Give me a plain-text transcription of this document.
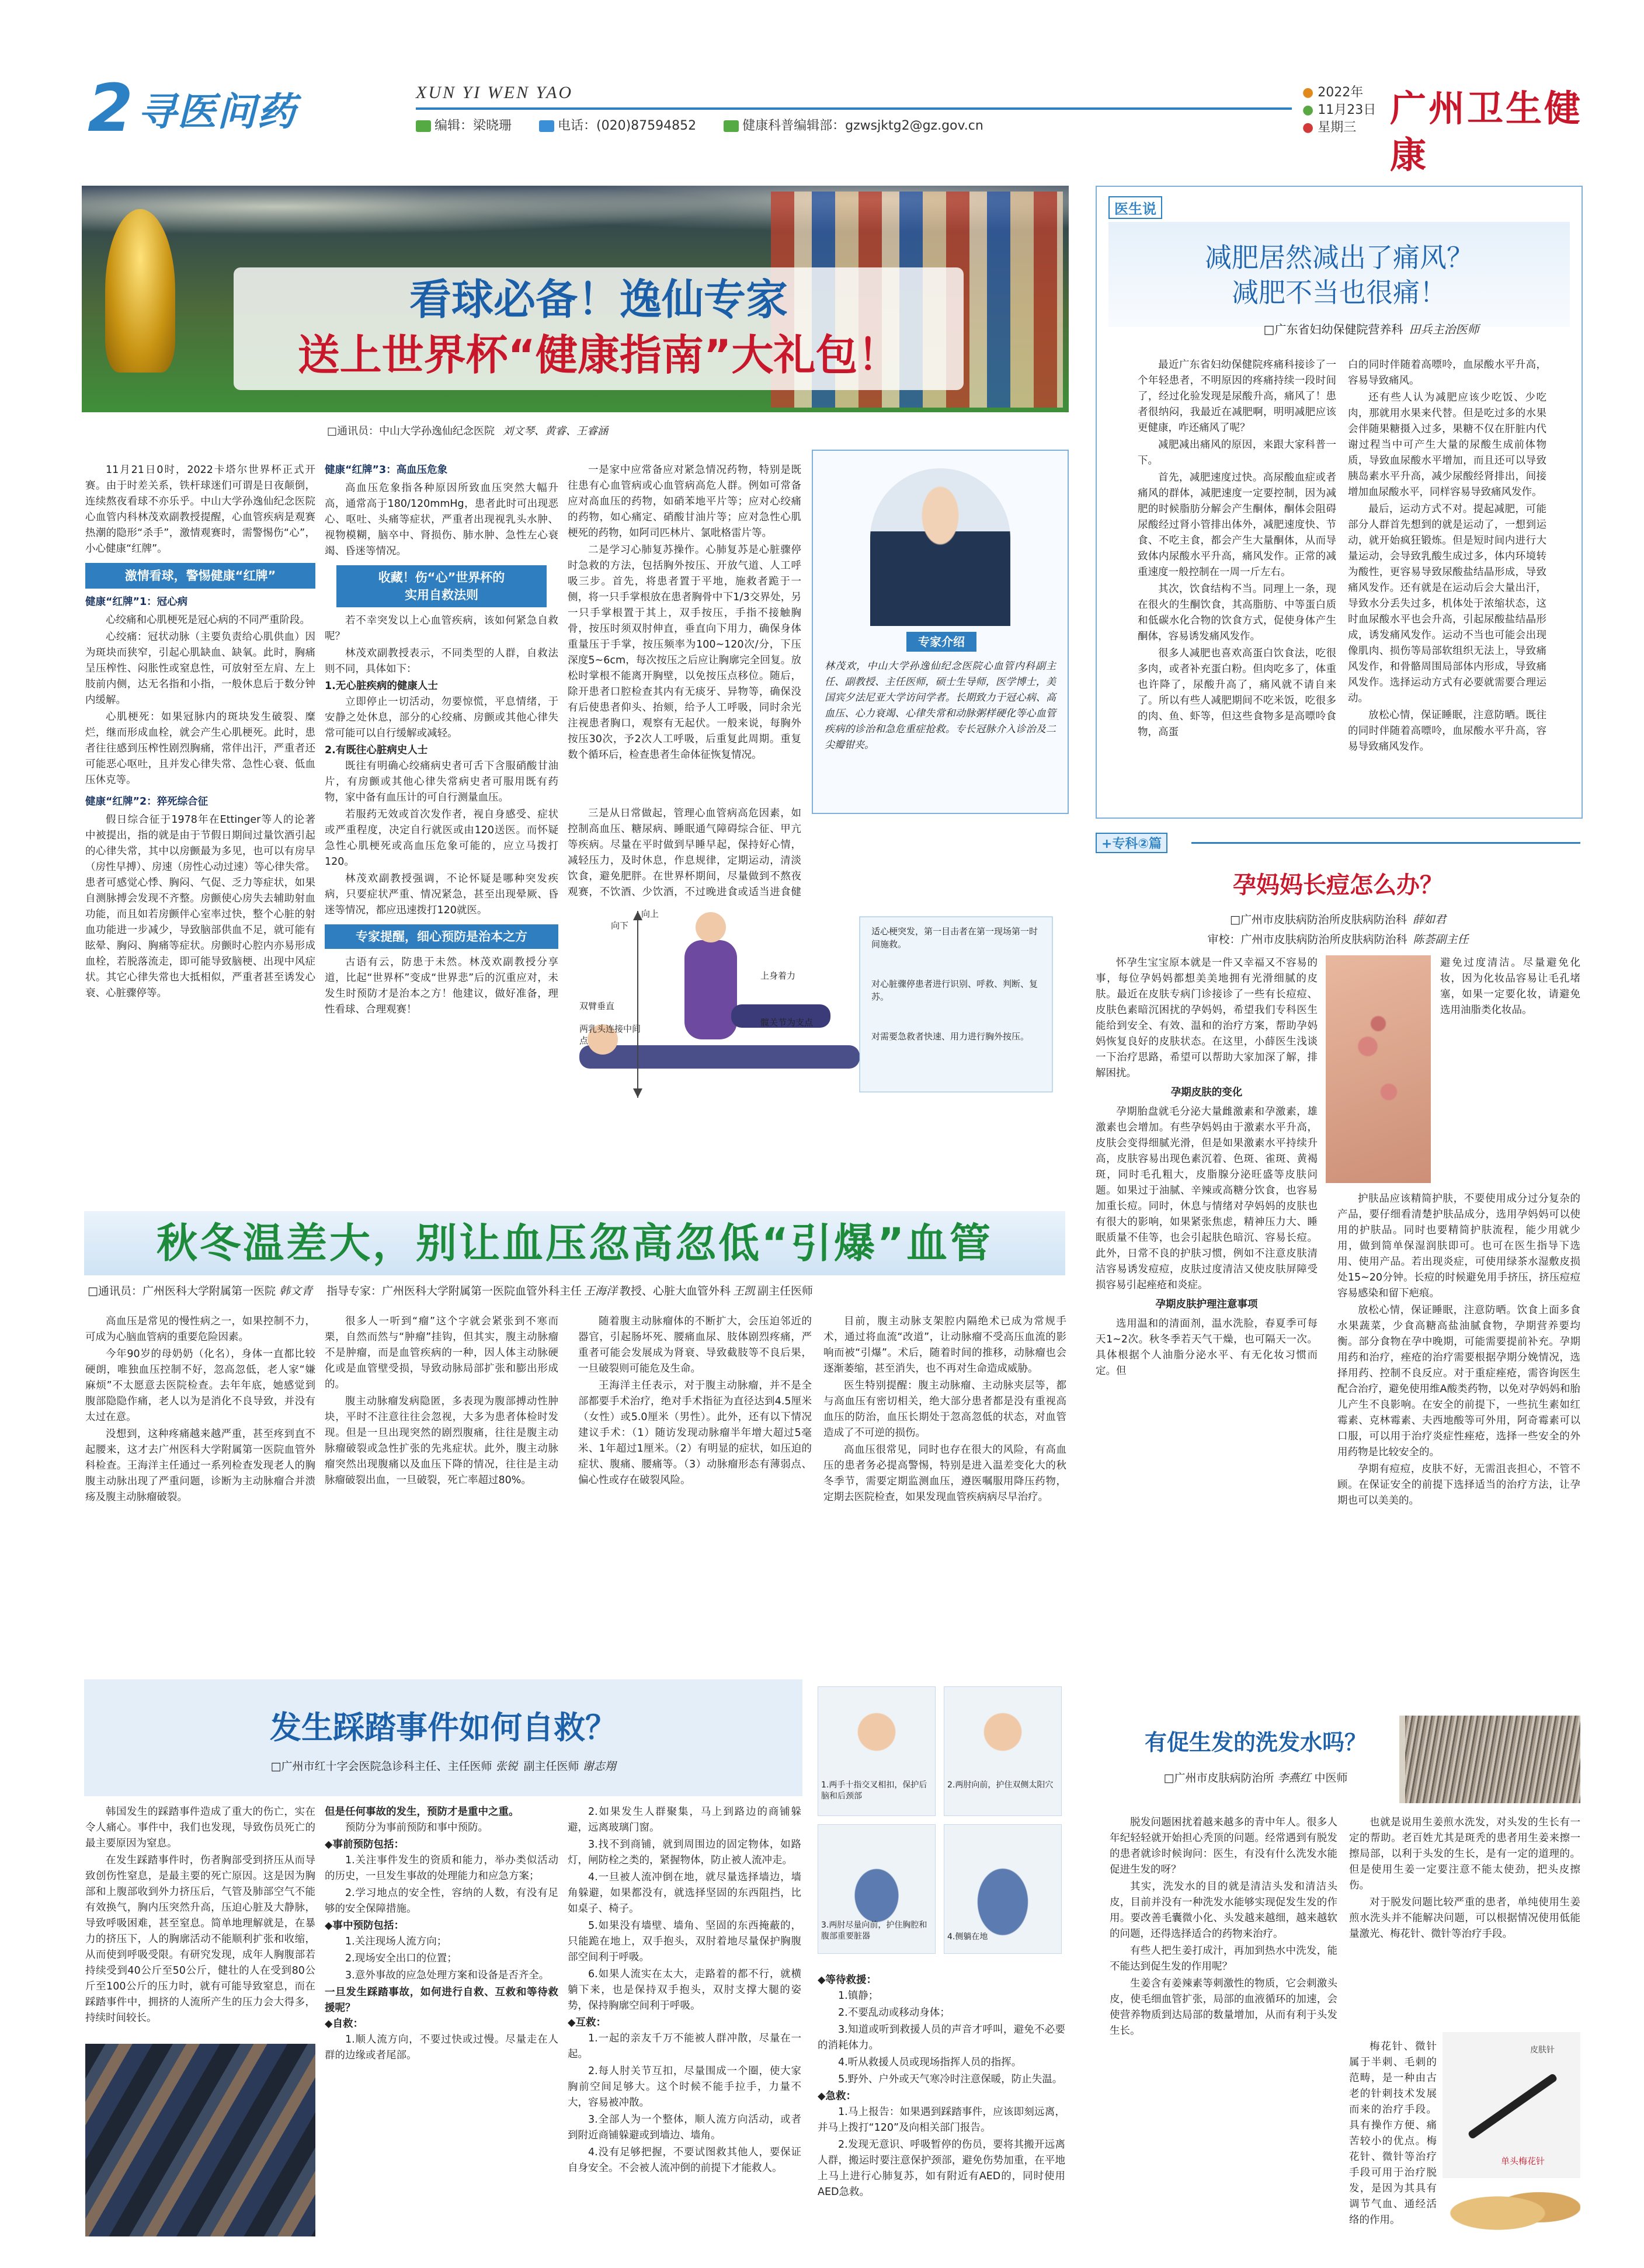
2 寻医问药	XUN YI WEN YAO
编辑：梁晓珊	电话：(020)87594852	健康科普编辑部：gzwsjktg2@gz.gov.cn
● 2022年
● 11月23日
● 星期三 广州卫生健康
看球必备！逸仙专家
送上世界杯“健康指南”大礼包！
□通讯员：中山大学孙逸仙纪念医院 刘文琴、黄睿、王睿涵

11月21日0时，2022卡塔尔世界杯正式开赛。由于时差关系，铁杆球迷们可谓是日夜颠倒，连续熬夜看球不亦乐乎。中山大学孙逸仙纪念医院心血管内科林茂欢副教授提醒，心血管疾病是观赛热潮的隐形“杀手”，激情观赛时，需警惕伤“心”，小心健康“红牌”。

激情看球，警惕健康“红牌”
健康“红牌”1：冠心病

心绞痛和心肌梗死是冠心病的不同严重阶段。

心绞痛：冠状动脉（主要负责给心肌供血）因为斑块而狭窄，引起心肌缺血、缺氧。此时，胸痛呈压榨性、闷胀性或窒息性，可放射至左肩、左上肢前内侧，达无名指和小指，一般休息后于数分钟内缓解。

心肌梗死：如果冠脉内的斑块发生破裂、糜烂，继而形成血栓，就会产生心肌梗死。此时，患者往往感到压榨性剧烈胸痛，常伴出汗，严重者还可能恶心呕吐，且并发心律失常、急性心衰、低血压休克等。

健康“红牌”2：猝死综合征

假日综合征于1978年在Ettinger等人的论著中被提出，指的就是由于节假日期间过量饮酒引起的心律失常，其中以房颤最为多见，也可以有房早（房性早搏）、房速（房性心动过速）等心律失常。患者可感觉心悸、胸闷、气促、乏力等症状，如果自测脉搏会发现不齐整。房颤使心房失去辅助射血功能，而且如若房颤伴心室率过快，整个心脏的射血功能进一步减少，导致脑部供血不足，就可能有眩晕、胸闷、胸痛等症状。房颤时心腔内亦易形成血栓，若脱落流走，即可能导致脑梗、出现中风症状。其它心律失常也大抵相似，严重者甚至诱发心衰、心脏骤停等。

健康“红牌”3：高血压危象

高血压危象指各种原因所致血压突然大幅升高，通常高于180/120mmHg，患者此时可出现恶心、呕吐、头痛等症状，严重者出现视乳头水肿、视物模糊，脑卒中、肾损伤、肺水肿、急性左心衰竭、昏迷等情况。

收藏！伤“心”世界杯的
实用自救法则

若不幸突发以上心血管疾病，该如何紧急自救呢？

林茂欢副教授表示，不同类型的人群，自救法则不同，具体如下：

1.无心脏疾病的健康人士

立即停止一切活动，勿要惊慌，平息情绪，于安静之处休息，部分的心绞痛、房颤或其他心律失常可能可以自行缓解或减轻。

2.有既往心脏病史人士

既往有明确心绞痛病史者可舌下含服硝酸甘油片，有房颤或其他心律失常病史者可服用既有药物，家中备有血压计的可自行测量血压。

若服药无效或首次发作者，视自身感受、症状或严重程度，决定自行就医或由120送医。而怀疑急性心肌梗死或高血压危象可能的，应立马拨打120。

林茂欢副教授强调，不论怀疑是哪种突发疾病，只要症状严重、情况紧急，甚至出现晕厥、昏迷等情况，都应迅速拨打120就医。

专家提醒，细心预防是治本之方

古语有云，防患于未然。林茂欢副教授分享道，比起“世界杯”变成“世界悲”后的沉重应对，未发生时预防才是治本之方！他建议，做好准备，理性看球、合理观赛！

一是家中应常备应对紧急情况药物，特别是既往患有心血管病或心血管病高危人群。例如可常备应对高血压的药物，如硝苯地平片等；应对心绞痛的药物，如心痛定、硝酸甘油片等；应对急性心肌梗死的药物，如阿司匹林片、氯吡格雷片等。

二是学习心肺复苏操作。心肺复苏是心脏骤停时急救的方法，包括胸外按压、开放气道、人工呼吸三步。首先，将患者置于平地，施救者跪于一侧，将一只手掌根放在患者胸骨中下1/3交界处，另一只手掌根置于其上，双手按压，手指不接触胸骨，按压时须双肘伸直，垂直向下用力，确保身体重量压于手掌，按压频率为100~120次/分，下压深度5~6cm，每次按压之后应让胸廓完全回复。放松时掌根不能离开胸壁，以免按压点移位。随后，除开患者口腔检查其内有无痰牙、异物等，确保没有后使患者仰头、抬颏，给予人工呼吸，同时余光注视患者胸口，观察有无起伏。一般来说，每胸外按压30次，予2次人工呼吸，后重复此周期。重复数个循环后，检查患者生命体征恢复情况。

三是从日常做起，管理心血管病高危因素，如控制高血压、糖尿病、睡眠通气障碍综合征、甲亢等疾病。尽量在平时做到早睡早起，保持好心情，减轻压力，及时休息，作息规律，定期运动，清淡饮食，避免肥胖。在世界杯期间，尽量做到不熬夜观赛，不饮酒、少饮酒，不过晚进食或适当进食健

专家介绍
林茂欢，中山大学孙逸仙纪念医院心血管内科副主任、副教授、主任医师，硕士生导师，医学博士，美国宾夕法尼亚大学访问学者。长期致力于冠心病、高血压、心力衰竭、心律失常和动脉粥样硬化等心血管疾病的诊治和急危重症抢救。专长冠脉介入诊治及二尖瓣钳夹。
向上
向下
上身着力
双臂垂直
两乳头连接中间点
髋关节为支点
适心梗突发，第一目击者在第一现场第一时间施救。
对心脏骤停患者进行识别、呼救、判断、复苏。
对需要急救者快速、用力进行胸外按压。
医生说
减肥居然减出了痛风？
减肥不当也很痛！
□广东省妇幼保健院营养科 田兵主治医师

最近广东省妇幼保健院疼痛科接诊了一个年轻患者，不明原因的疼痛持续一段时间了，经过化验发现是尿酸升高，痛风了！患者很纳闷，我最近在减肥啊，明明减肥应该更健康，咋还痛风了呢？

减肥减出痛风的原因，来跟大家科普一下。

首先，减肥速度过快。高尿酸血症或者痛风的群体，减肥速度一定要控制，因为减肥的时候脂肪分解会产生酮体，酮体会阻碍尿酸经过肾小管排出体外，减肥速度快、节食、不吃主食，都会产生大量酮体，从而导致体内尿酸水平升高，痛风发作。正常的减重速度一般控制在一周一斤左右。

其次，饮食结构不当。同理上一条，现在很火的生酮饮食，其高脂肪、中等蛋白质和低碳水化合物的饮食方式，促使身体产生酮体，容易诱发痛风发作。

很多人减肥也喜欢高蛋白饮食法，吃很多肉，或者补充蛋白粉。但肉吃多了，体重也许降了，尿酸升高了，痛风就不请自来了。所以有些人减肥期间不吃米饭，吃很多的肉、鱼、虾等，但这些食物多是高嘌呤食物，高蛋

白的同时伴随着高嘌呤，血尿酸水平升高，容易导致痛风。

还有些人认为减肥应该少吃饭、少吃肉，那就用水果来代替。但是吃过多的水果会伴随果糖摄入过多，果糖不仅在肝脏内代谢过程当中可产生大量的尿酸生成前体物质，导致血尿酸水平增加，而且还可以导致胰岛素水平升高，减少尿酸经肾排出，间接增加血尿酸水平，同样容易导致痛风发作。

最后，运动方式不对。提起减肥，可能部分人群首先想到的就是运动了，一想到运动，就开始疯狂锻炼。但是短时间内进行大量运动，会导致乳酸生成过多，体内环境转为酸性，更容易导致尿酸盐结晶形成，导致痛风发作。还有就是在运动后会大量出汗，导致水分丢失过多，机体处于浓缩状态，这时血尿酸水平也会升高，引起尿酸盐结晶形成，诱发痛风发作。运动不当也可能会出现像肌肉、损伤等局部软组织无法上，导致痛风发作，和骨骼周围局部体内形成，导致痛风发作。选择运动方式有必要就需要合理运动。

放松心情，保证睡眠，注意防晒。既往的同时伴随着高嘌呤，血尿酸水平升高，容易导致痛风发作。

+专科②篇
孕妈妈长痘怎么办？
□广州市皮肤病防治所皮肤病防治科 薛如君
审校：广州市皮肤病防治所皮肤病防治科 陈荟副主任

怀孕生宝宝原本就是一件又幸福又不容易的事，每位孕妈妈都想美美地拥有光滑细腻的皮肤。最近在皮肤专病门诊接诊了一些有长痘痘、皮肤色素暗沉困扰的孕妈妈，希望我们专科医生能给到安全、有效、温和的治疗方案，帮助孕妈妈恢复良好的皮肤状态。在这里，小薛医生浅谈一下治疗思路，希望可以帮助大家加深了解，排解困扰。

孕期皮肤的变化

孕期胎盘就毛分泌大量雌激素和孕激素，雄激素也会增加。有些孕妈妈由于激素水平升高，皮肤会变得细腻光滑，但是如果激素水平持续升高，皮肤容易出现色素沉着、色斑、雀斑、黄褐斑，同时毛孔粗大，皮脂腺分泌旺盛等皮肤问题。如果过于油腻、辛辣或高糖分饮食，也容易加重长痘。同时，休息与情绪对孕妈妈的皮肤也有很大的影响，如果紧张焦虑，精神压力大、睡眠质量不佳等，也会引起肤色暗沉、容易长痘。此外，日常不良的护肤习惯，例如不注意皮肤清洁容易诱发痘痘，皮肤过度清洁又使皮肤屏障受损容易引起痤疮和炎症。

孕期皮肤护理注意事项

选用温和的清面剂，温水洗脸，春夏季可每天1~2次。秋冬季若天气干燥，也可隔天一次。具体根据个人油脂分泌水平、有无化妆习惯而定。但

避免过度清洁。尽量避免化妆，因为化妆品容易让毛孔堵塞，如果一定要化妆，请避免选用油脂类化妆品。

护肤品应该精简护肤，不要使用成分过分复杂的产品，要仔细看清楚护肤品成分，选用孕妈妈可以使用的护肤品。同时也要精简护肤流程，能少用就少用，做到简单保湿润肤即可。也可在医生指导下选用、使用产品。若出现炎症，可使用绿茶水湿敷皮损处15~20分钟。长痘的时候避免用手挤压，挤压痘痘容易感染和留下疤痕。

放松心情，保证睡眠，注意防晒。饮食上面多食水果蔬菜，少食高糖高盐油腻食物，孕期营养要均衡。部分食物在孕中晚期，可能需要提前补充。孕期用药和治疗，痤疮的治疗需要根据孕期分娩情况，选择用药、控制不良反应。对于重症痤疮，需咨询医生配合治疗，避免使用维A酸类药物，以免对孕妈妈和胎儿产生不良影响。在安全的前提下，一些抗生素如红霉素、克林霉素、夫西地酸等可外用，阿奇霉素可以口服，可以用于治疗炎症性痤疮，选择一些安全的外用药物是比较安全的。

孕期有痘痘，皮肤不好，无需沮丧担心，不管不顾。在保证安全的前提下选择适当的治疗方法，让孕期也可以美美的。

秋冬温差大，别让血压忽高忽低“引爆”血管
□通讯员：广州医科大学附属第一医院 韩文青 指导专家：广州医科大学附属第一医院血管外科主任 王海洋 教授、心脏大血管外科 王凯 副主任医师

高血压是常见的慢性病之一，如果控制不力，可成为心脑血管病的重要危险因素。

今年90岁的母奶奶（化名），身体一直都比较硬朗，唯独血压控制不好，忽高忽低，老人家“嫌麻烦”不太愿意去医院检查。去年年底，她感觉到腹部隐隐作痛，老人以为是消化不良导致，并没有太过在意。

没想到，这种疼痛越来越严重，甚至疼到直不起腰来，这才去广州医科大学附属第一医院血管外科检查。王海洋主任通过一系列检查发现老人的胸腹主动脉出现了严重问题，诊断为主动脉瘤合并溃疡及腹主动脉瘤破裂。

很多人一听到“瘤”这个字就会紧张到不寒而栗，自然而然与“肿瘤”挂钩，但其实，腹主动脉瘤不是肿瘤，而是血管疾病的一种，因人体主动脉硬化或是血管壁受损，导致动脉局部扩张和膨出形成的。

腹主动脉瘤发病隐匿，多表现为腹部搏动性肿块，平时不注意往往会忽视，大多为患者体检时发现。但是一旦出现突然的剧烈腹痛，往往是腹主动脉瘤破裂或急性扩张的先兆症状。此外，腹主动脉瘤突然出现腹痛以及血压下降的情况，往往是主动脉瘤破裂出血，一旦破裂，死亡率超过80%。

随着腹主动脉瘤体的不断扩大，会压迫邻近的器官，引起肠坏死、腰痛血尿、肢体剧烈疼痛，严重者可能会发展成为肾衰、导致截肢等不良后果，一旦破裂则可能危及生命。

王海洋主任表示，对于腹主动脉瘤，并不是全部都要手术治疗，绝对手术指征为直径达到4.5厘米（女性）或5.0厘米（男性）。此外，还有以下情况建议手术：（1）随访发现动脉瘤半年增大超过5毫米、1年超过1厘米。（2）有明显的症状，如压迫的症状、腹痛、腰痛等。（3）动脉瘤形态有薄弱点、偏心性或存在破裂风险。

目前，腹主动脉支架腔内隔绝术已成为常规手术，通过将血流“改道”，让动脉瘤不受高压血流的影响而被“引爆”。术后，随着时间的推移，动脉瘤也会逐渐萎缩，甚至消失，也不再对生命造成威胁。

医生特别提醒：腹主动脉瘤、主动脉夹层等，都与高血压有密切相关，绝大部分患者都是没有重视高血压的防治，血压长期处于忽高忽低的状态，对血管造成了不可逆的损伤。

高血压很常见，同时也存在很大的风险，有高血压的患者务必提高警惕，特别是进入温差变化大的秋冬季节，需要定期监测血压，遵医嘱服用降压药物，定期去医院检查，如果发现血管疾病病尽早治疗。

发生踩踏事件如何自救？
□广州市红十字会医院急诊科主任、主任医师 张锐 副主任医师 谢志翔

韩国发生的踩踏事件造成了重大的伤亡，实在令人痛心。事件中，我们也发现，导致伤员死亡的最主要原因为窒息。

在发生踩踏事件时，伤者胸部受到挤压从而导致创伤性窒息，是最主要的死亡原因。这是因为胸部和上腹部收到外力挤压后，气管及肺部空气不能有效换气，胸内压突然升高，压迫心脏及大静脉，导致呼吸困难，甚至窒息。简单地理解就是，在暴力的挤压下，人的胸廓活动不能顺利扩张和收缩，从而使到呼吸受限。有研究发现，成年人胸腹部若持续受到40公斤至50公斤，健壮的人在受到80公斤至100公斤的压力时，就有可能导致窒息，而在踩踏事件中，拥挤的人流所产生的压力会大得多，持续时间较长。

但是任何事故的发生，预防才是重中之重。

预防分为事前预防和事中预防。

◆事前预防包括：

1.关注事件发生的资质和能力，举办类似活动的历史，一旦发生事故的处理能力和应急方案；

2.学习地点的安全性，容纳的人数，有没有足够的安全保障措施。

◆事中预防包括：

1.关注现场人流方向；

2.现场安全出口的位置；

3.意外事故的应急处理方案和设备是否齐全。

一旦发生踩踏事故，如何进行自救、互救和等待救援呢？
◆自救：

1.顺人流方向，不要过快或过慢。尽量走在人群的边缘或者尾部。

2.如果发生人群聚集，马上到路边的商铺躲避，远离玻璃门窗。

3.找不到商铺，就到周围边的固定物体，如路灯，闸防栓之类的，紧握物体，防止被人流冲走。

4.一旦被人流冲倒在地，就尽量选择墙边，墙角躲避，如果都没有，就选择坚固的东西阻挡，比如桌子、椅子。

5.如果没有墙壁、墙角、坚固的东西掩蔽的，只能跪在地上，双手抱头，双肘着地尽量保护胸腹部空间利于呼吸。

6.如果人流实在太大，走路着的都不行，就横躺下来，也是保持双手抱头，双肘支撑大腿的姿势，保持胸廓空间利于呼吸。

◆互救：

1.一起的亲友千万不能被人群冲散，尽量在一起。

2.每人肘关节互扣，尽量围成一个圈，使大家胸前空间足够大。这个时候不能手拉手，力量不大，容易被冲散。

3.全部人为一个整体，顺人流方向活动，或者到附近商铺躲避或到墙边、墙角。

4.没有足够把握，不要试图救其他人，要保证自身安全。不会被人流冲倒的前提下才能救人。

1.两手十指交叉相扣，保护后脑和后颈部
2.两肘向前，护住双侧太阳穴
3.两肘尽量向前，护住胸腔和腹部重要脏器	4.侧躺在地
◆等待救援：

1.镇静；

2.不要乱动或移动身体；

3.知道或听到救援人员的声音才呼叫，避免不必要的消耗体力。

4.听从救援人员或现场指挥人员的指挥。

5.野外、户外或天气寒冷时注意保暖，防止失温。

◆急救：

1.马上报告：如果遇到踩踏事件，应该即刻远离，并马上拨打“120”及向相关部门报告。

2.发现无意识、呼吸暂停的伤员，要将其搬开远离人群，搬运时要注意保护颈部，避免伤势加重，在平地上马上进行心肺复苏，如有附近有AED的，同时使用AED急救。

有促生发的洗发水吗？
□广州市皮肤病防治所 李燕红 中医师

脱发问题困扰着越来越多的青中年人。很多人年纪轻轻就开始担心秃顶的问题。经常遇到有脱发的患者就诊时候询问：医生，有没有什么洗发水能促进生发的呀？

其实，洗发水的目的就是清洁头发和清洁头皮，目前并没有一种洗发水能够实现促发生发的作用。要改善毛囊微小化、头发越来越细，越来越软的问题，还得选择适合的药物来治疗。

有些人把生姜打成汁，再加到热水中洗发，能不能达到促生发的作用呢？

生姜含有姜辣素等刺激性的物质，它会刺激头皮，使毛细血管扩张，局部的血液循环的加速，会使营养物质到达局部的数量增加，从而有利于头发生长。

也就是说用生姜煎水洗发，对头发的生长有一定的帮助。老百姓尤其是斑秃的患者用生姜来擦一擦局部，以利于头发的生长，是有一定的道理的。但是使用生姜一定要注意不能太使劲，把头皮擦伤。

对于脱发问题比较严重的患者，单纯使用生姜煎水洗头并不能解决问题，可以根据情况使用低能量激光、梅花针、微针等治疗手段。

梅花针、微针属于半刺、毛刺的范畴，是一种由古老的针刺技术发展而来的治疗手段。具有操作方便、痛苦较小的优点。梅花针、微针等治疗手段可用于治疗脱发，是因为其具有调节气血、通经活络的作用。

单头梅花针
皮肤针
